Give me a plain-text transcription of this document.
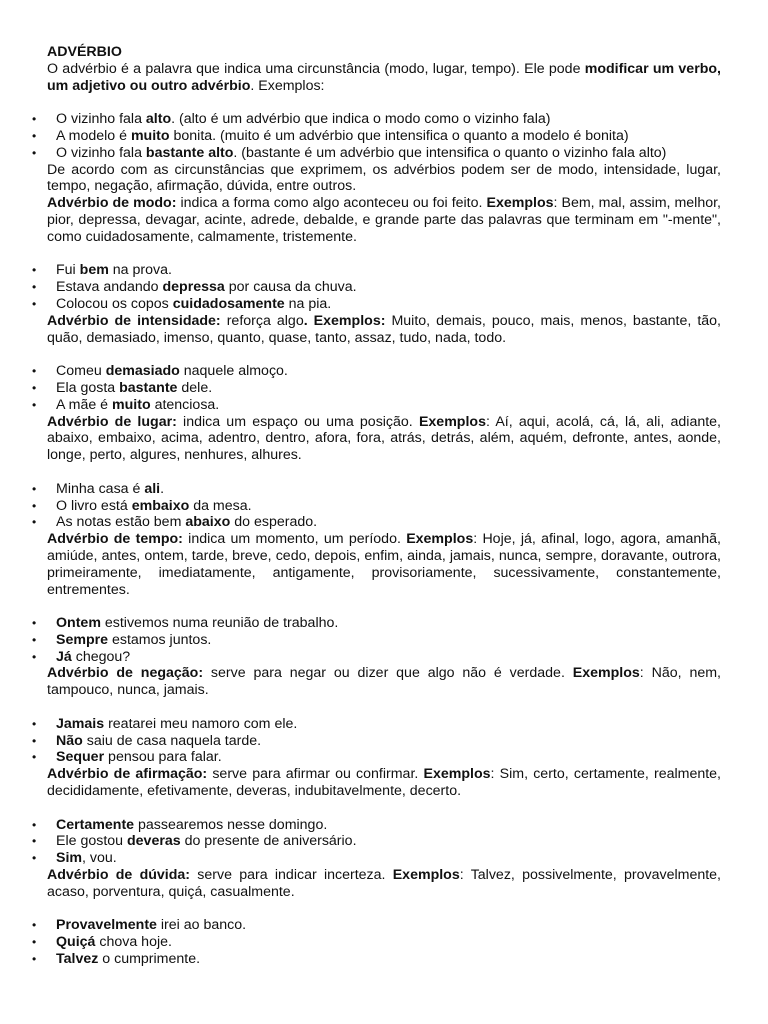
ADVÉRBIO

O advérbio é a palavra que indica uma circunstância (modo, lugar, tempo). Ele pode modificar um verbo, um adjetivo ou outro advérbio. Exemplos:

• O vizinho fala alto. (alto é um advérbio que indica o modo como o vizinho fala)

• A modelo é muito bonita. (muito é um advérbio que intensifica o quanto a modelo é bonita)

• O vizinho fala bastante alto. (bastante é um advérbio que intensifica o quanto o vizinho fala alto)

De acordo com as circunstâncias que exprimem, os advérbios podem ser de modo, intensidade, lugar, tempo, negação, afirmação, dúvida, entre outros.

Advérbio de modo: indica a forma como algo aconteceu ou foi feito. Exemplos: Bem, mal, assim, melhor, pior, depressa, devagar, acinte, adrede, debalde, e grande parte das palavras que terminam em "-mente", como cuidadosamente, calmamente, tristemente.

• Fui bem na prova.

• Estava andando depressa por causa da chuva.

• Colocou os copos cuidadosamente na pia.

Advérbio de intensidade: reforça algo. Exemplos: Muito, demais, pouco, mais, menos, bastante, tão, quão, demasiado, imenso, quanto, quase, tanto, assaz, tudo, nada, todo.

• Comeu demasiado naquele almoço.

• Ela gosta bastante dele.

• A mãe é muito atenciosa.

Advérbio de lugar: indica um espaço ou uma posição. Exemplos: Aí, aqui, acolá, cá, lá, ali, adiante, abaixo, embaixo, acima, adentro, dentro, afora, fora, atrás, detrás, além, aquém, defronte, antes, aonde, longe, perto, algures, nenhures, alhures.

• Minha casa é ali.

• O livro está embaixo da mesa.

• As notas estão bem abaixo do esperado.

Advérbio de tempo: indica um momento, um período. Exemplos: Hoje, já, afinal, logo, agora, amanhã, amiúde, antes, ontem, tarde, breve, cedo, depois, enfim, ainda, jamais, nunca, sempre, doravante, outrora, primeiramente, imediatamente, antigamente, provisoriamente, sucessivamente, constantemente, entrementes.

• Ontem estivemos numa reunião de trabalho.

• Sempre estamos juntos.

• Já chegou?

Advérbio de negação: serve para negar ou dizer que algo não é verdade. Exemplos: Não, nem, tampouco, nunca, jamais.

• Jamais reatarei meu namoro com ele.

• Não saiu de casa naquela tarde.

• Sequer pensou para falar.

Advérbio de afirmação: serve para afirmar ou confirmar. Exemplos: Sim, certo, certamente, realmente, decididamente, efetivamente, deveras, indubitavelmente, decerto.

• Certamente passearemos nesse domingo.

• Ele gostou deveras do presente de aniversário.

• Sim, vou.

Advérbio de dúvida: serve para indicar incerteza. Exemplos: Talvez, possivelmente, provavelmente, acaso, porventura, quiçá, casualmente.

• Provavelmente irei ao banco.

• Quiçá chova hoje.

• Talvez o cumprimente.
